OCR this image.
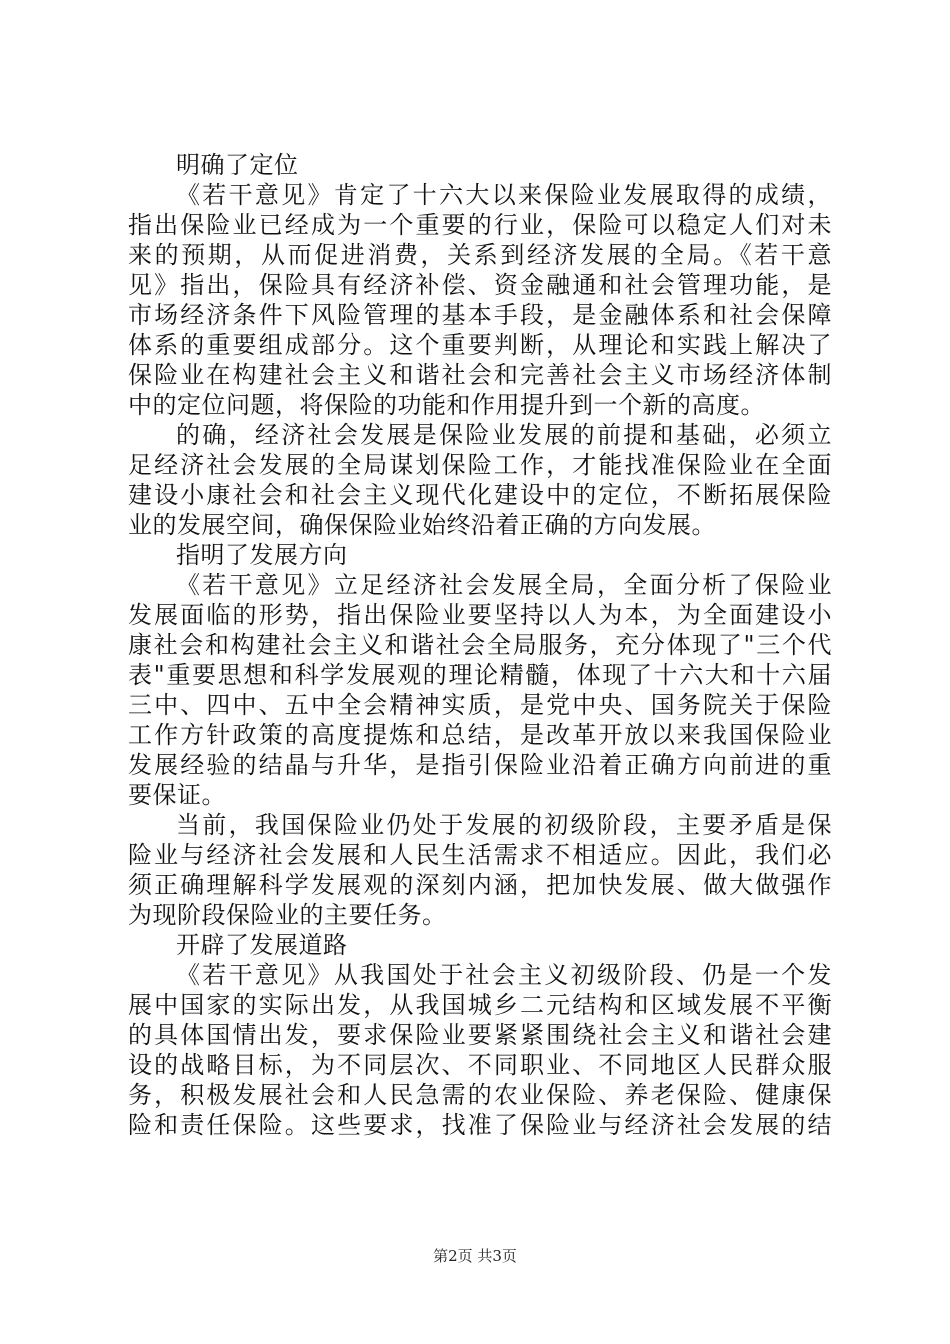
明确了定位
《若干意见》肯定了十六大以来保险业发展取得的成绩，
指出保险业已经成为一个重要的行业，保险可以稳定人们对未
来的预期，从而促进消费，关系到经济发展的全局。《若干意
见》指出，保险具有经济补偿、资金融通和社会管理功能，是
市场经济条件下风险管理的基本手段，是金融体系和社会保障
体系的重要组成部分。这个重要判断，从理论和实践上解决了
保险业在构建社会主义和谐社会和完善社会主义市场经济体制
中的定位问题，将保险的功能和作用提升到一个新的高度。
的确，经济社会发展是保险业发展的前提和基础，必须立
足经济社会发展的全局谋划保险工作，才能找准保险业在全面
建设小康社会和社会主义现代化建设中的定位，不断拓展保险
业的发展空间，确保保险业始终沿着正确的方向发展。
指明了发展方向
《若干意见》立足经济社会发展全局，全面分析了保险业
发展面临的形势，指出保险业要坚持以人为本，为全面建设小
康社会和构建社会主义和谐社会全局服务，充分体现了"三个代
表"重要思想和科学发展观的理论精髓，体现了十六大和十六届
三中、四中、五中全会精神实质，是党中央、国务院关于保险
工作方针政策的高度提炼和总结，是改革开放以来我国保险业
发展经验的结晶与升华，是指引保险业沿着正确方向前进的重
要保证。
当前，我国保险业仍处于发展的初级阶段，主要矛盾是保
险业与经济社会发展和人民生活需求不相适应。因此，我们必
须正确理解科学发展观的深刻内涵，把加快发展、做大做强作
为现阶段保险业的主要任务。
开辟了发展道路
《若干意见》从我国处于社会主义初级阶段、仍是一个发
展中国家的实际出发，从我国城乡二元结构和区域发展不平衡
的具体国情出发，要求保险业要紧紧围绕社会主义和谐社会建
设的战略目标，为不同层次、不同职业、不同地区人民群众服
务，积极发展社会和人民急需的农业保险、养老保险、健康保
险和责任保险。这些要求，找准了保险业与经济社会发展的结
第2页 共3页
